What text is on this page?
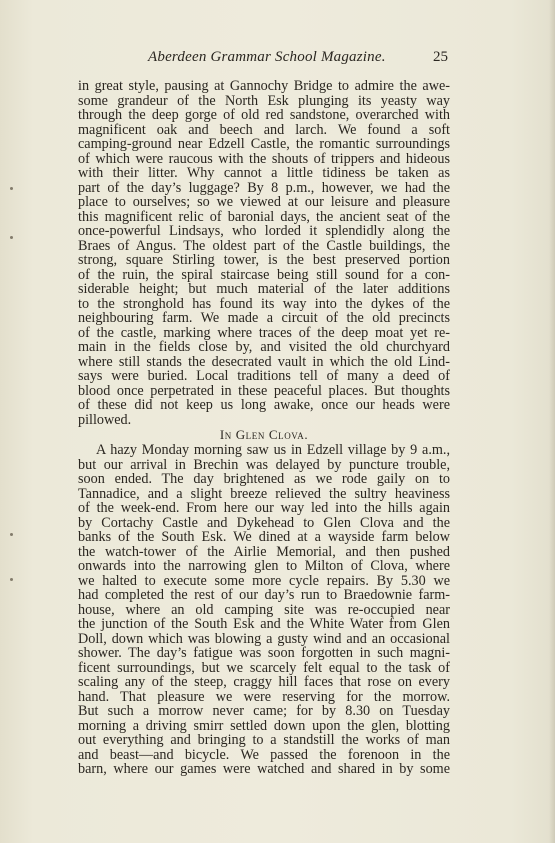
Aberdeen Grammar School Magazine.	25
in great style, pausing at Gannochy Bridge to admire the awe-
some grandeur of the North Esk plunging its yeasty way
through the deep gorge of old red sandstone, overarched with
magnificent oak and beech and larch. We found a soft
camping-ground near Edzell Castle, the romantic surroundings
of which were raucous with the shouts of trippers and hideous
with their litter. Why cannot a little tidiness be taken as
part of the day’s luggage? By 8 p.m., however, we had the
place to ourselves; so we viewed at our leisure and pleasure
this magnificent relic of baronial days, the ancient seat of the
once-powerful Lindsays, who lorded it splendidly along the
Braes of Angus. The oldest part of the Castle buildings, the
strong, square Stirling tower, is the best preserved portion
of the ruin, the spiral staircase being still sound for a con-
siderable height; but much material of the later additions
to the stronghold has found its way into the dykes of the
neighbouring farm. We made a circuit of the old precincts
of the castle, marking where traces of the deep moat yet re-
main in the fields close by, and visited the old churchyard
where still stands the desecrated vault in which the old Lind-
says were buried. Local traditions tell of many a deed of
blood once perpetrated in these peaceful places. But thoughts
of these did not keep us long awake, once our heads were
pillowed.
In Glen Clova.
A hazy Monday morning saw us in Edzell village by 9 a.m.,
but our arrival in Brechin was delayed by puncture trouble,
soon ended. The day brightened as we rode gaily on to
Tannadice, and a slight breeze relieved the sultry heaviness
of the week-end. From here our way led into the hills again
by Cortachy Castle and Dykehead to Glen Clova and the
banks of the South Esk. We dined at a wayside farm below
the watch-tower of the Airlie Memorial, and then pushed
onwards into the narrowing glen to Milton of Clova, where
we halted to execute some more cycle repairs. By 5.30 we
had completed the rest of our day’s run to Braedownie farm-
house, where an old camping site was re-occupied near
the junction of the South Esk and the White Water from Glen
Doll, down which was blowing a gusty wind and an occasional
shower. The day’s fatigue was soon forgotten in such magni-
ficent surroundings, but we scarcely felt equal to the task of
scaling any of the steep, craggy hill faces that rose on every
hand. That pleasure we were reserving for the morrow.
But such a morrow never came; for by 8.30 on Tuesday
morning a driving smirr settled down upon the glen, blotting
out everything and bringing to a standstill the works of man
and beast—and bicycle. We passed the forenoon in the
barn, where our games were watched and shared in by some
